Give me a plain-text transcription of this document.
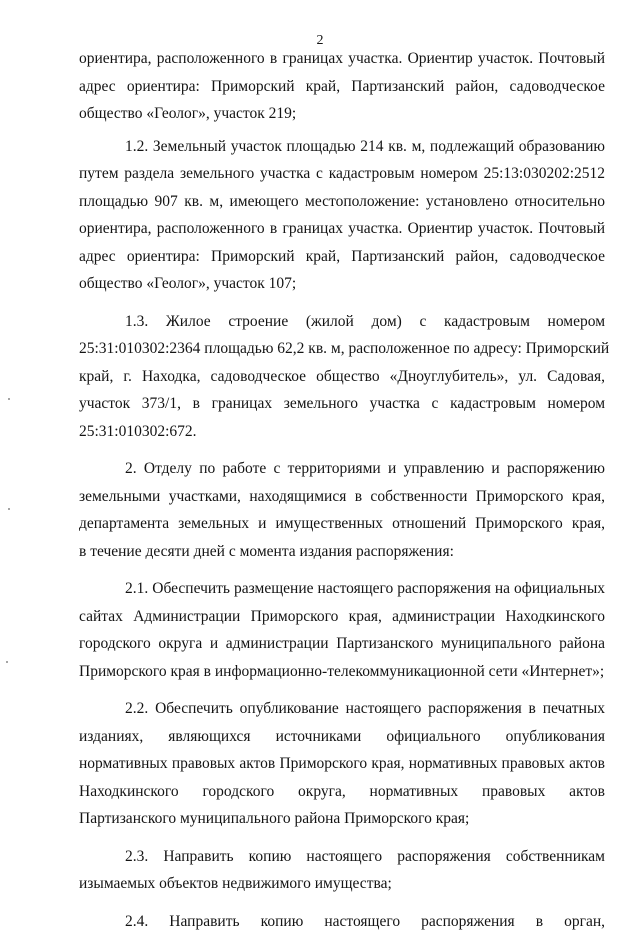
2
ориентира, расположенного в границах участка. Ориентир участок. Почтовый
адрес ориентира: Приморский край, Партизанский район, садоводческое
общество «Геолог», участок 219;
1.2. Земельный участок площадью 214 кв. м, подлежащий образованию
путем раздела земельного участка с кадастровым номером 25:13:030202:2512
площадью 907 кв. м, имеющего местоположение: установлено относительно
ориентира, расположенного в границах участка. Ориентир участок. Почтовый
адрес ориентира: Приморский край, Партизанский район, садоводческое
общество «Геолог», участок 107;
1.3. Жилое строение (жилой дом) с кадастровым номером
25:31:010302:2364 площадью 62,2 кв. м, расположенное по адресу: Приморский
край, г. Находка, садоводческое общество «Дноуглубитель», ул. Садовая,
участок 373/1, в границах земельного участка с кадастровым номером
25:31:010302:672.
2. Отделу по работе с территориями и управлению и распоряжению
земельными участками, находящимися в собственности Приморского края,
департамента земельных и имущественных отношений Приморского края,
в течение десяти дней с момента издания распоряжения:
2.1. Обеспечить размещение настоящего распоряжения на официальных
сайтах Администрации Приморского края, администрации Находкинского
городского округа и администрации Партизанского муниципального района
Приморского края в информационно-телекоммуникационной сети «Интернет»;
2.2. Обеспечить опубликование настоящего распоряжения в печатных
изданиях, являющихся источниками официального опубликования
нормативных правовых актов Приморского края, нормативных правовых актов
Находкинского городского округа, нормативных правовых актов
Партизанского муниципального района Приморского края;
2.3. Направить копию настоящего распоряжения собственникам
изымаемых объектов недвижимого имущества;
2.4. Направить копию настоящего распоряжения в орган,
